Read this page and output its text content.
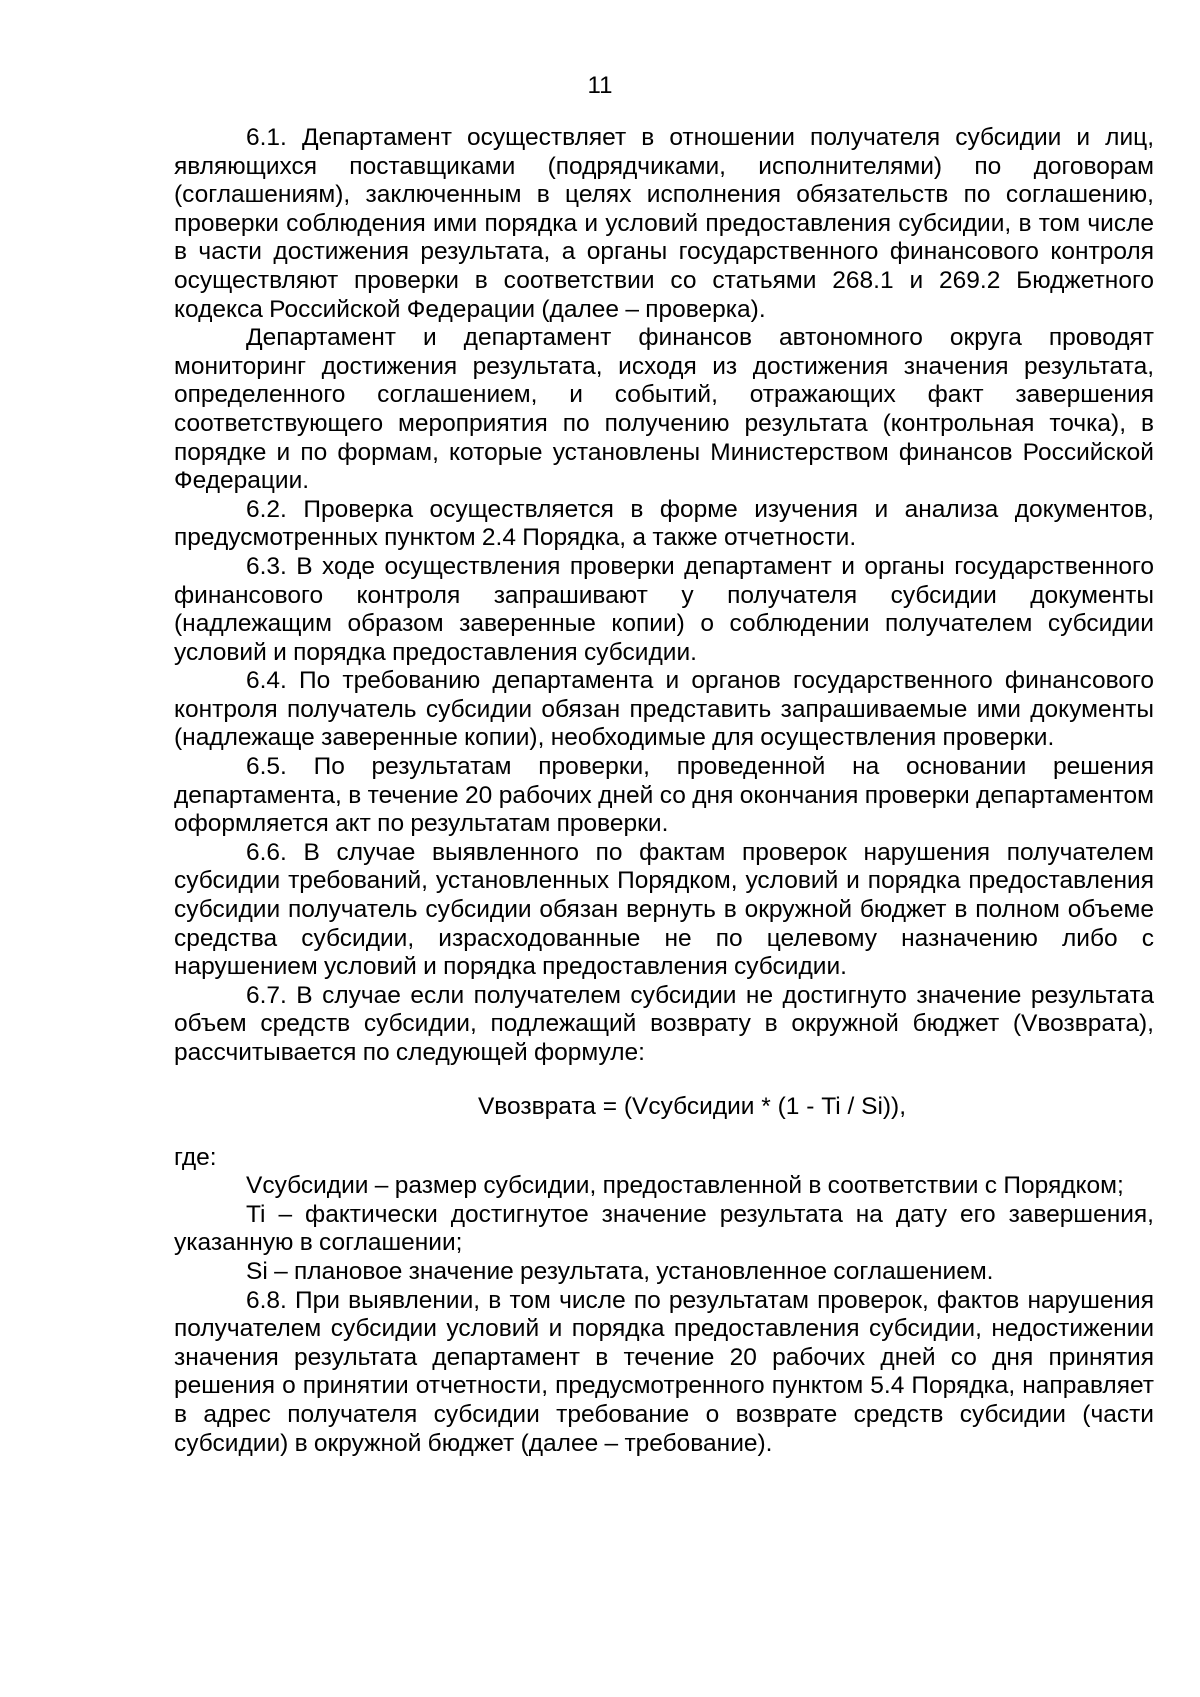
11

6.1. Департамент осуществляет в отношении получателя субсидии и лиц, являющихся поставщиками (подрядчиками, исполнителями) по договорам (соглашениям), заключенным в целях исполнения обязательств по соглашению, проверки соблюдения ими порядка и условий предоставления субсидии, в том числе в части достижения результата, а органы государственного финансового контроля осуществляют проверки в соответствии со статьями 268.1 и 269.2 Бюджетного кодекса Российской Федерации (далее – проверка).

Департамент и департамент финансов автономного округа проводят мониторинг достижения результата, исходя из достижения значения результата, определенного соглашением, и событий, отражающих факт завершения соответствующего мероприятия по получению результата (контрольная точка), в порядке и по формам, которые установлены Министерством финансов Российской Федерации.

6.2. Проверка осуществляется в форме изучения и анализа документов, предусмотренных пунктом 2.4 Порядка, а также отчетности.

6.3. В ходе осуществления проверки департамент и органы государственного финансового контроля запрашивают у получателя субсидии документы (надлежащим образом заверенные копии) о соблюдении получателем субсидии условий и порядка предоставления субсидии.

6.4. По требованию департамента и органов государственного финансового контроля получатель субсидии обязан представить запрашиваемые ими документы (надлежаще заверенные копии), необходимые для осуществления проверки.

6.5. По результатам проверки, проведенной на основании решения департамента, в течение 20 рабочих дней со дня окончания проверки департаментом оформляется акт по результатам проверки.

6.6. В случае выявленного по фактам проверок нарушения получателем субсидии требований, установленных Порядком, условий и порядка предоставления субсидии получатель субсидии обязан вернуть в окружной бюджет в полном объеме средства субсидии, израсходованные не по целевому назначению либо с нарушением условий и порядка предоставления субсидии.

6.7. В случае если получателем субсидии не достигнуто значение результата объем средств субсидии, подлежащий возврату в окружной бюджет (Vвозврата), рассчитывается по следующей формуле:

Vвозврата = (Vсубсидии * (1 - Ti / Si)),

где:

Vсубсидии – размер субсидии, предоставленной в соответствии с Порядком;

Ti – фактически достигнутое значение результата на дату его завершения, указанную в соглашении;

Si – плановое значение результата, установленное соглашением.

6.8. При выявлении, в том числе по результатам проверок, фактов нарушения получателем субсидии условий и порядка предоставления субсидии, недостижении значения результата департамент в течение 20 рабочих дней со дня принятия решения о принятии отчетности, предусмотренного пунктом 5.4 Порядка, направляет в адрес получателя субсидии требование о возврате средств субсидии (части субсидии) в окружной бюджет (далее – требование).
